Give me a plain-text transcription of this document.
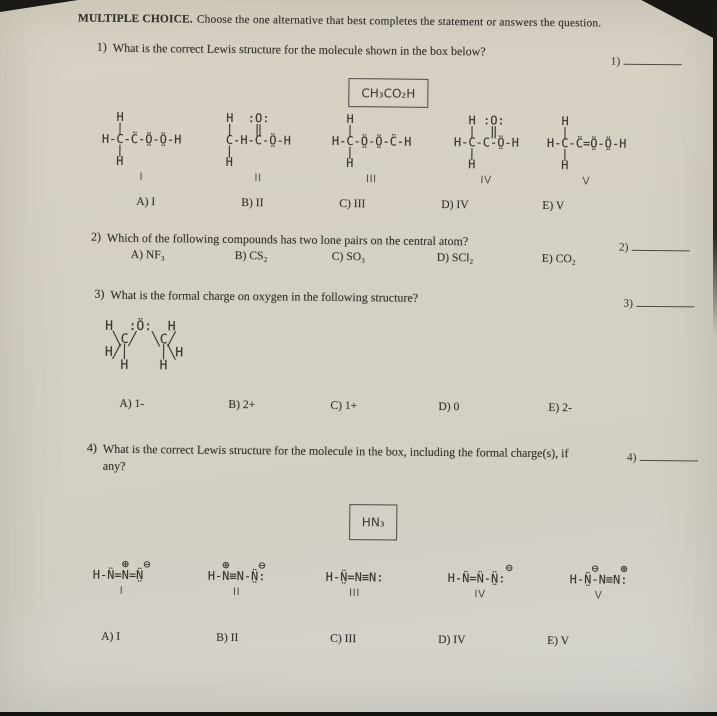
MULTIPLE CHOICE. Choose the one alternative that best completes the statement or answers the question.
1) What is the correct Lewis structure for the molecule shown in the box below?
1)
CH₃CO₂H
H
|
H-C-C̈-Ö̤-Ö̤-H
|
H
I
H  :O:
|   ‖
C-H-C-Ö̤-H
|
H
II
H
|
H-C-Ö̤-Ö̤-C̈-H
|
H
III
H :O:
|  ‖
H-C-C-Ö̤-H
|
H
IV
H
|
H-C-C̈=Ö̤-Ö̤-H
|
H
V
A) I	B) II	C) III	D) IV	E) V
2) Which of the following compounds has two lone pairs on the central atom?	2)
A) NF₃	B) CS₂	C) SO₃	D) SCl₂	E) CO₂
3) What is the formal charge on oxygen in the following structure?	3)
H  :Ö:  H
╲C╱  ╲C╱
H╱│    │╲H
H    H
A) 1-	B) 2+	C) 1+	D) 0	E) 2-
4) What is the correct Lewis structure for the molecule in the box, including the formal charge(s), if any?
4)
HN₃
⊕  ⊖
H-N̈=N=N̤̈
I
⊕    ⊖
H-N≡N-N̤̈:
II

H-N̤̈=N≡N:
III
⊖
H-N̈=N̈-N̤̈:
IV
⊖   ⊕
H-N̤̈-N≡N:
V
A) I	B) II	C) III	D) IV	E) V
